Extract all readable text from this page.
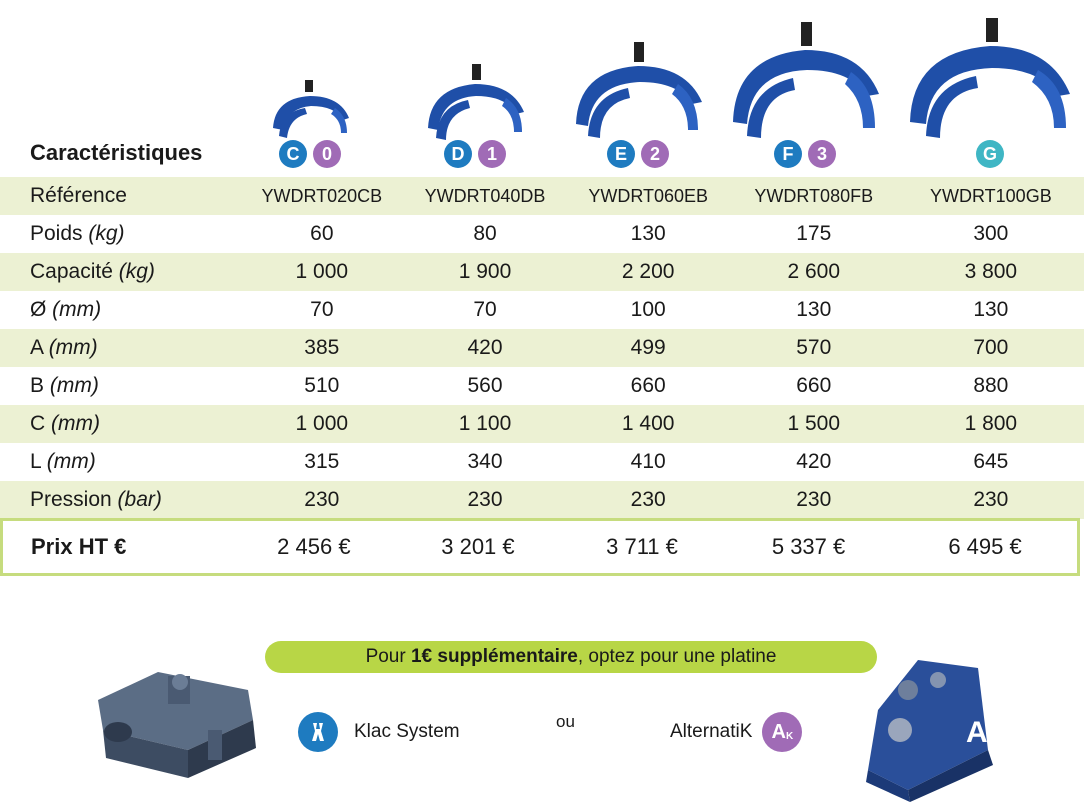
Caractéristiques	C	0	D	1	E	2	F	3	G
Référence	YWDRT020CB	YWDRT040DB	YWDRT060EB	YWDRT080FB	YWDRT100GB
Poids (kg)	60	80	130	175	300
Capacité (kg)	1 000	1 900	2 200	2 600	3 800
Ø (mm)	70	70	100	130	130
A (mm)	385	420	499	570	700
B (mm)	510	560	660	660	880
C (mm)	1 000	1 100	1 400	1 500	1 800
L (mm)	315	340	410	420	645
Pression (bar)	230	230	230	230	230
Prix HT €	2 456 €	3 201 €	3 711 €	5 337 €	6 495 €
Pour
1€ supplémentaire , optez pour une platine
Klac System	ou	AlternatiK A K	A
